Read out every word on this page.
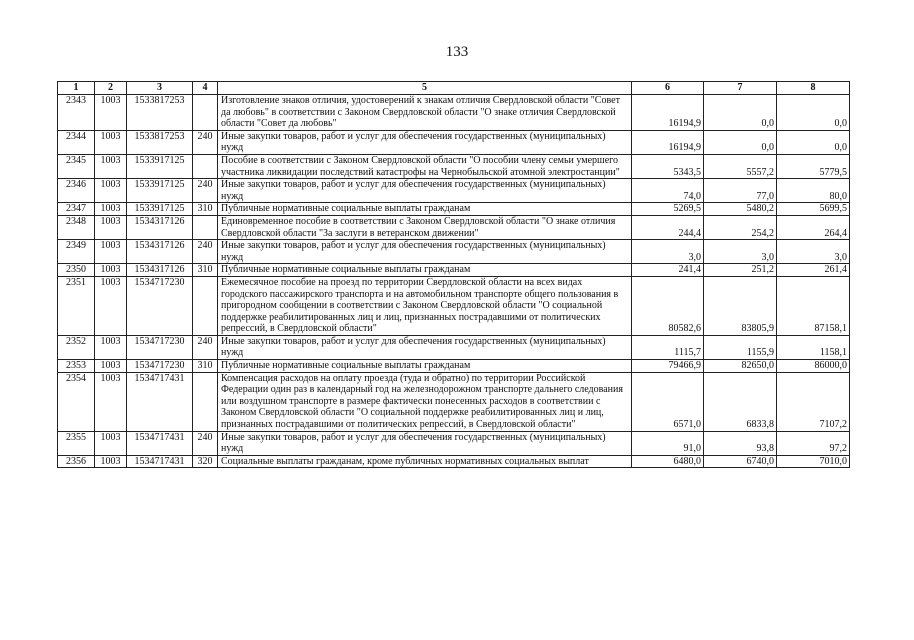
133
1	2	3	4	5	6	7	8
2343	1003	1533817253		Изготовление знаков отличия, удостоверений к знакам отличия Свердловской области "Совет да любовь" в соответствии с Законом Свердловской области "О знаке отличия Свердловской области "Совет да любовь"	16194,9	0,0	0,0
2344	1003	1533817253	240	Иные закупки товаров, работ и услуг для обеспечения государственных (муниципальных) нужд	16194,9	0,0	0,0
2345	1003	1533917125		Пособие в соответствии с Законом Свердловской области "О пособии члену семьи умершего участника ликвидации последствий катастрофы на Чернобыльской атомной электростанции"	5343,5	5557,2	5779,5
2346	1003	1533917125	240	Иные закупки товаров, работ и услуг для обеспечения государственных (муниципальных) нужд	74,0	77,0	80,0
2347	1003	1533917125	310	Публичные нормативные социальные выплаты гражданам	5269,5	5480,2	5699,5
2348	1003	1534317126		Единовременное пособие в соответствии с Законом Свердловской области "О знаке отличия Свердловской области "За заслуги в ветеранском движении"	244,4	254,2	264,4
2349	1003	1534317126	240	Иные закупки товаров, работ и услуг для обеспечения государственных (муниципальных) нужд	3,0	3,0	3,0
2350	1003	1534317126	310	Публичные нормативные социальные выплаты гражданам	241,4	251,2	261,4
2351	1003	1534717230		Ежемесячное пособие на проезд по территории Свердловской области на всех видах городского пассажирского транспорта и на автомобильном транспорте общего пользования в пригородном сообщении в соответствии с Законом Свердловской области "О социальной поддержке реабилитированных лиц и лиц, признанных пострадавшими от политических репрессий, в Свердловской области"	80582,6	83805,9	87158,1
2352	1003	1534717230	240	Иные закупки товаров, работ и услуг для обеспечения государственных (муниципальных) нужд	1115,7	1155,9	1158,1
2353	1003	1534717230	310	Публичные нормативные социальные выплаты гражданам	79466,9	82650,0	86000,0
2354	1003	1534717431		Компенсация расходов на оплату проезда (туда и обратно) по территории Российской Федерации один раз в календарный год на железнодорожном транспорте дальнего следования или воздушном транспорте в размере фактически понесенных расходов в соответствии с Законом Свердловской области "О социальной поддержке реабилитированных лиц и лиц, признанных пострадавшими от политических репрессий, в Свердловской области"	6571,0	6833,8	7107,2
2355	1003	1534717431	240	Иные закупки товаров, работ и услуг для обеспечения государственных (муниципальных) нужд	91,0	93,8	97,2
2356	1003	1534717431	320	Социальные выплаты гражданам, кроме публичных нормативных социальных выплат	6480,0	6740,0	7010,0
